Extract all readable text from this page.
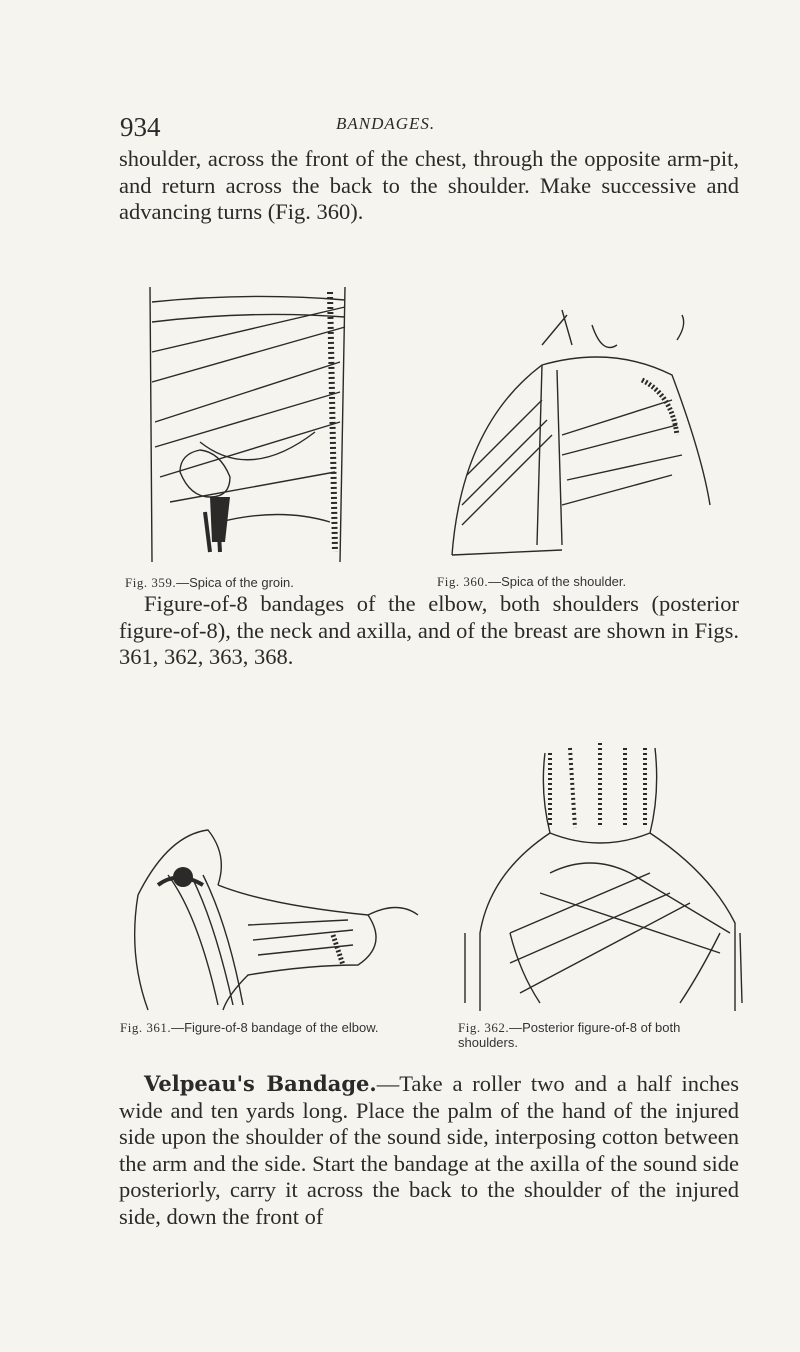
934	BANDAGES.

shoulder, across the front of the chest, through the opposite arm-pit, and return across the back to the shoulder. Make successive and advancing turns (Fig. 360).

Fig. 359.—Spica of the groin.	Fig. 360.—Spica of the shoulder.

Figure-of-8 bandages of the elbow, both shoulders (posterior figure-of-8), the neck and axilla, and of the breast are shown in Figs. 361, 362, 363, 368.

Fig. 361.—Figure-of-8 bandage of the elbow.	Fig. 362.—Posterior figure-of-8 of both shoulders.

Velpeau's Bandage.—Take a roller two and a half inches wide and ten yards long. Place the palm of the hand of the injured side upon the shoulder of the sound side, interposing cotton between the arm and the side. Start the bandage at the axilla of the sound side posteriorly, carry it across the back to the shoulder of the injured side, down the front of
